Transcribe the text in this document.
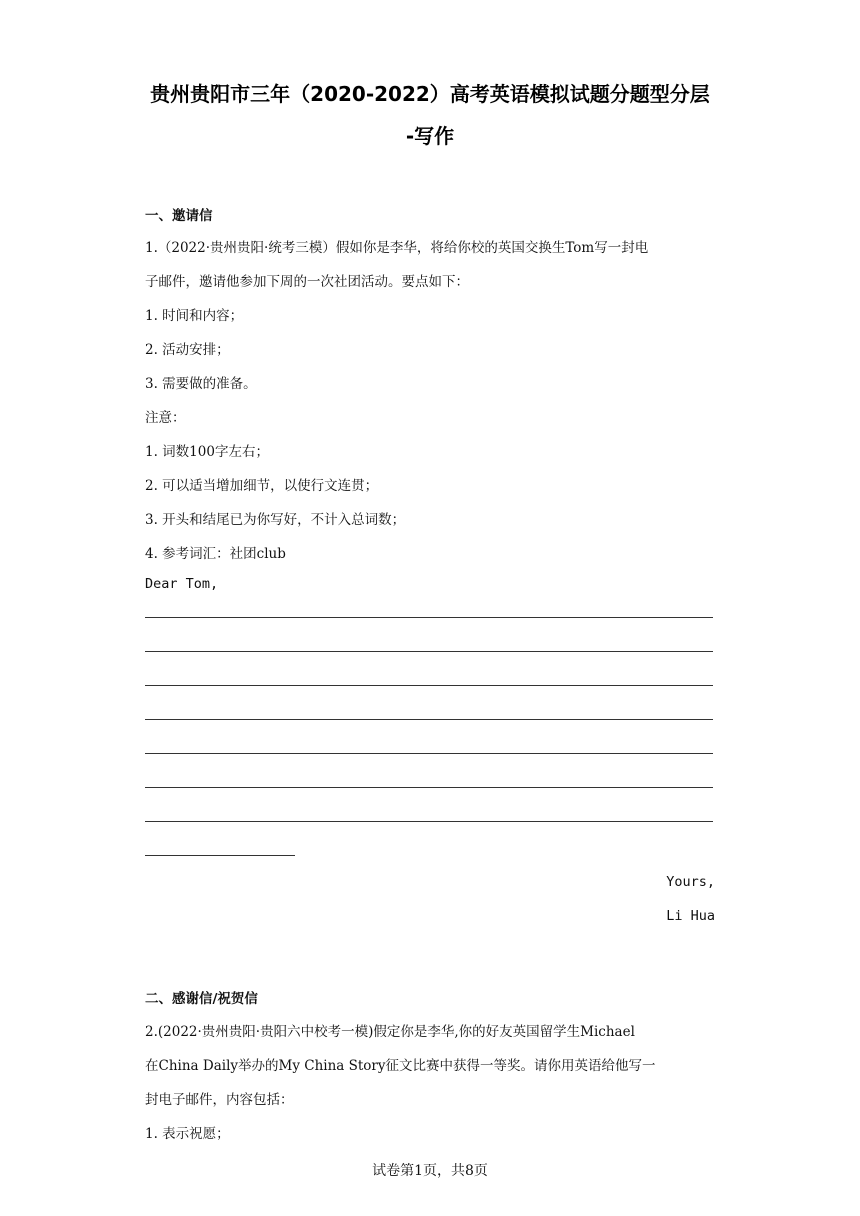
贵州贵阳市三年（2020-2022）高考英语模拟试题分题型分层
-写作
一、邀请信
1.（2022·贵州贵阳·统考三模）假如你是李华，将给你校的英国交换生Tom写一封电
子邮件，邀请他参加下周的一次社团活动。要点如下：
1. 时间和内容；
2. 活动安排；
3. 需要做的准备。
注意：
1. 词数100字左右；
2. 可以适当增加细节，以使行文连贯；
3. 开头和结尾已为你写好，不计入总词数；
4. 参考词汇：社团club
Dear Tom,
Yours,
Li Hua
二、感谢信/祝贺信
2.(2022·贵州贵阳·贵阳六中校考一模)假定你是李华,你的好友英国留学生Michael
在China Daily举办的My China Story征文比赛中获得一等奖。请你用英语给他写一
封电子邮件，内容包括：
1. 表示祝愿；
试卷第1页，共8页
